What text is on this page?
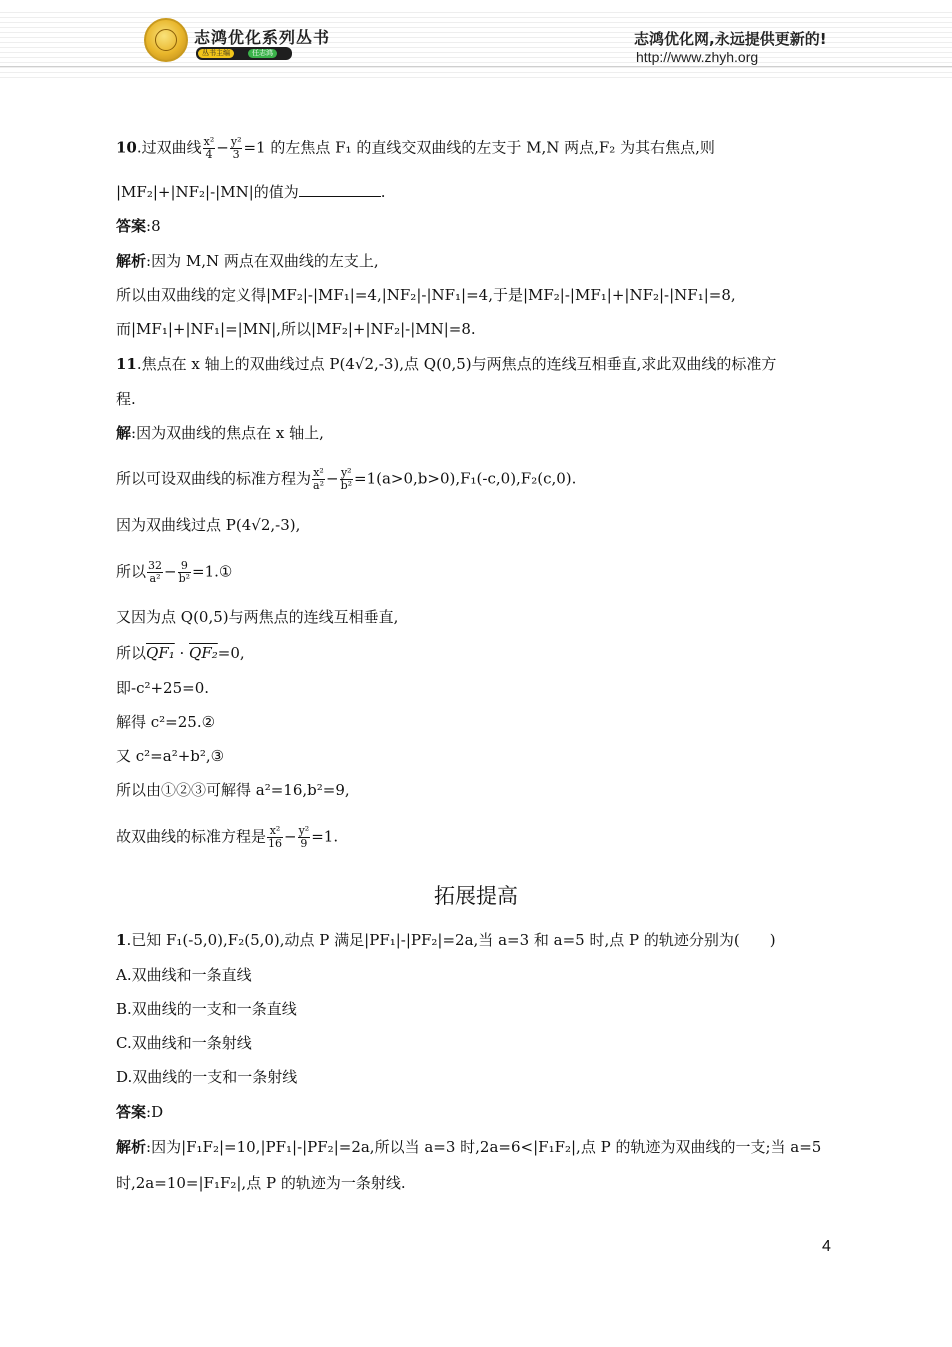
志鸿优化系列丛书
丛书主编	任志鸿
志鸿优化网,永远提供更新的!
http://www.zhyh.org
10.过双曲线 $\frac{\text{x²}}{4} - \frac{\text{y²}}{3} =1$ 的左焦点 F₁ 的直线交双曲线的左支于 M,N 两点,F₂ 为其右焦点,则
|MF₂|+|NF₂|-|MN|的值为	.
答案:8
解析:因为 M,N 两点在双曲线的左支上,
所以由双曲线的定义得|MF₂|-|MF₁|=4,|NF₂|-|NF₁|=4,于是|MF₂|-|MF₁|+|NF₂|-|NF₁|=8,
而|MF₁|+|NF₁|=|MN|,所以|MF₂|+|NF₂|-|MN|=8.
11.焦点在 x 轴上的双曲线过点 P(4√2,-3),点 Q(0,5)与两焦点的连线互相垂直,求此双曲线的标准方
程.
解:因为双曲线的焦点在 x 轴上,
所以可设双曲线的标准方程为 $\frac{\text{x²}}{\text{a²}} - \frac{\text{y²}}{\text{b²}} =1(a>0,b>0),F_1(-c,0),F_2(c,0)$.
因为双曲线过点 P(4√2,-3),
所以 $\frac{32}{\text{a²}} - \frac{9}{\text{b²}}$ =1.①
又因为点 Q(0,5)与两焦点的连线互相垂直,
所以QF₁ · QF₂=0,
即-c²+25=0.
解得 c²=25.②
又 c²=a²+b²,③
所以由①②③可解得 a²=16,b²=9,
故双曲线的标准方程是 $\frac{\text{x²}}{16} - \frac{\text{y²}}{9} =1$.
拓展提高
1.已知 F₁(-5,0),F₂(5,0),动点 P 满足|PF₁|-|PF₂|=2a,当 a=3 和 a=5 时,点 P 的轨迹分别为(　　)
A.双曲线和一条直线
B.双曲线的一支和一条直线
C.双曲线和一条射线
D.双曲线的一支和一条射线
答案:D
解析:因为|F₁F₂|=10,|PF₁|-|PF₂|=2a,所以当 a=3 时,2a=6<|F₁F₂|,点 P 的轨迹为双曲线的一支;当 a=5
时,2a=10=|F₁F₂|,点 P 的轨迹为一条射线.
4
